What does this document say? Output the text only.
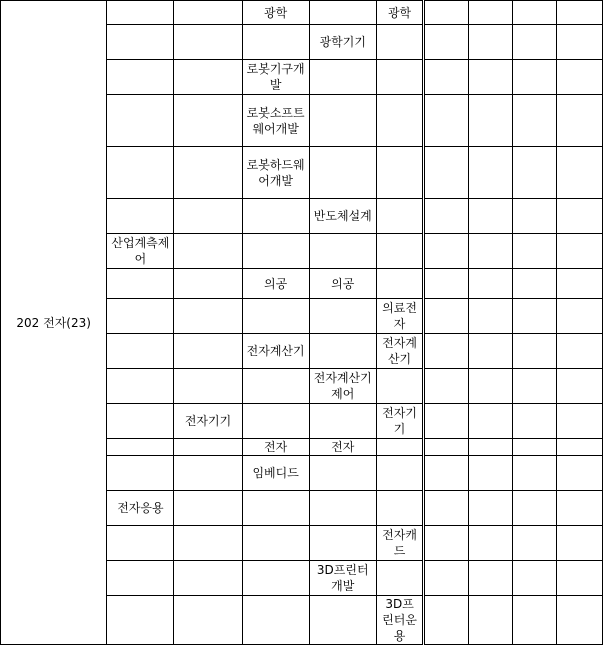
202 전자(23)			광학		광학				
				광학기기					
			로봇기구개발						
			로봇소프트웨어개발						
			로봇하드웨어개발						
				반도체설계					
	산업계측제어								
			의공	의공					
					의료전자				
			전자계산기		전자계산기				
				전자계산기제어					
		전자기기			전자기기				
			전자	전자					
			임베디드						
	전자응용								
					전자캐드				
				3D프린터개발					
					3D프린터운용				
